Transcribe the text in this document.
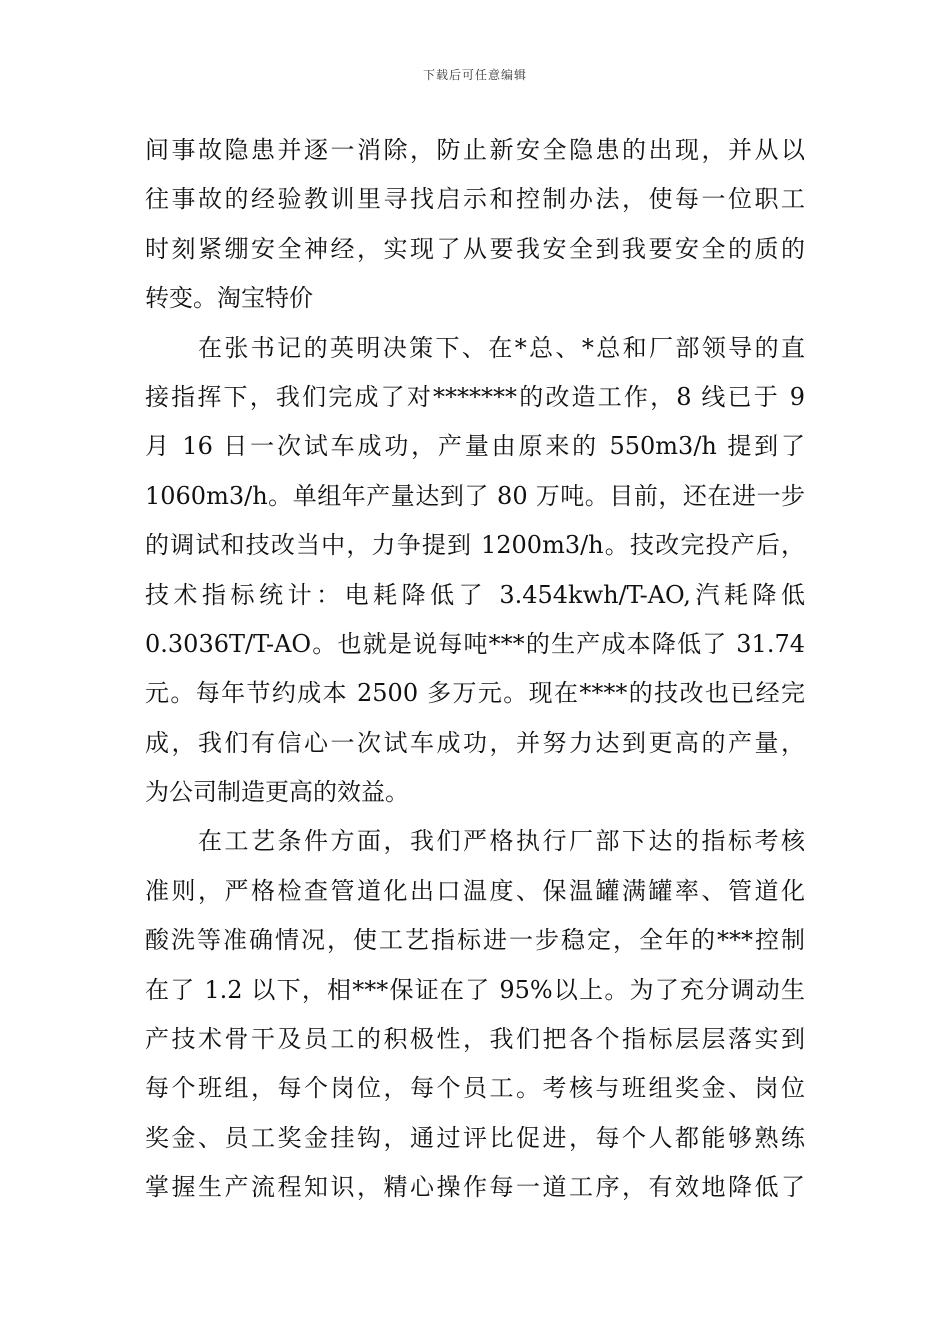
下载后可任意编辑
间事故隐患并逐一消除，防止新安全隐患的出现，并从以
往事故的经验教训里寻找启示和控制办法，使每一位职工
时刻紧绷安全神经，实现了从要我安全到我要安全的质的
转变。淘宝特价
在张书记的英明决策下、在*总、*总和厂部领导的直
接指挥下，我们完成了对*******的改造工作，8 线已于 9
月 16 日一次试车成功，产量由原来的 550m3/h 提到了
1060m3/h。单组年产量达到了 80 万吨。目前，还在进一步
的调试和技改当中，力争提到 1200m3/h。技改完投产后，
技术指标统计：电耗降低了 3.454kwh/T-AO,汽耗降低
0.3036T/T-AO。也就是说每吨***的生产成本降低了 31.74
元。每年节约成本 2500 多万元。现在****的技改也已经完
成，我们有信心一次试车成功，并努力达到更高的产量，
为公司制造更高的效益。
在工艺条件方面，我们严格执行厂部下达的指标考核
准则，严格检查管道化出口温度、保温罐满罐率、管道化
酸洗等准确情况，使工艺指标进一步稳定，全年的***控制
在了 1.2 以下，相***保证在了 95%以上。为了充分调动生
产技术骨干及员工的积极性，我们把各个指标层层落实到
每个班组，每个岗位，每个员工。考核与班组奖金、岗位
奖金、员工奖金挂钩，通过评比促进，每个人都能够熟练
掌握生产流程知识，精心操作每一道工序，有效地降低了
